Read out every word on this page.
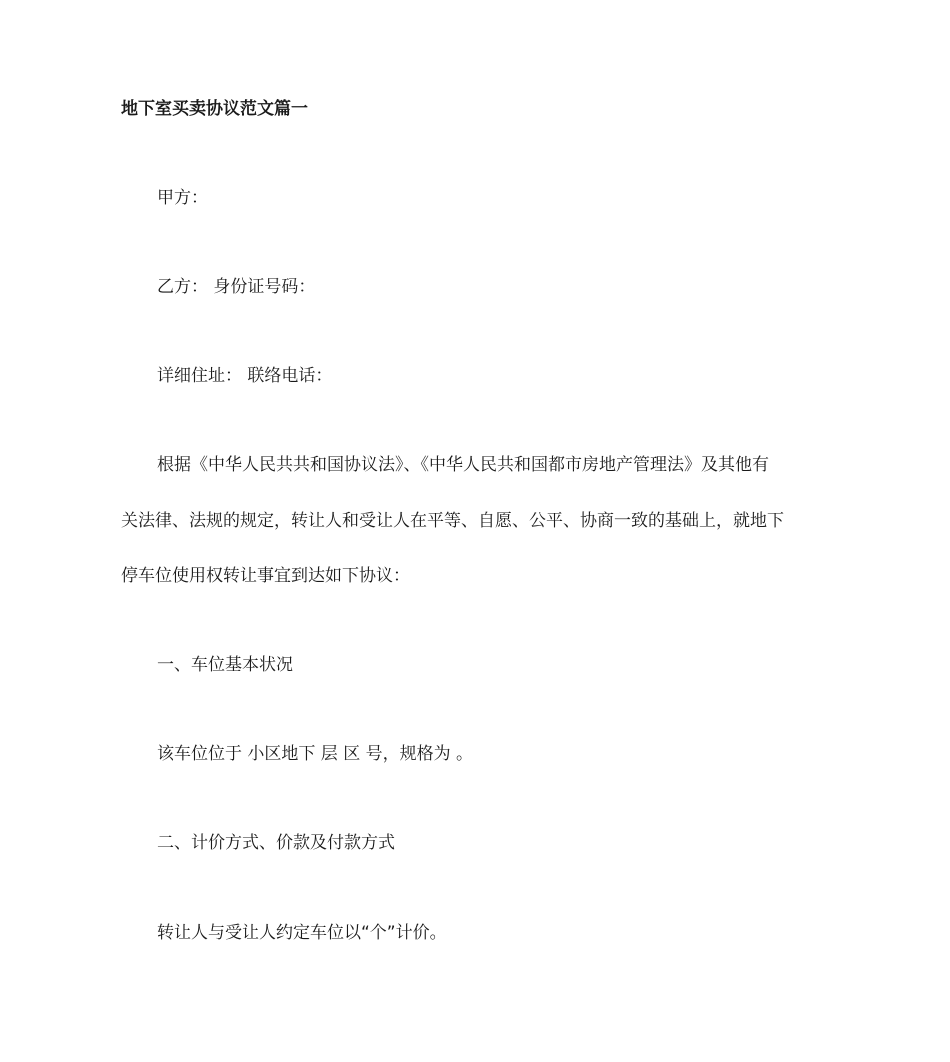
地下室买卖协议范文篇一

甲方：

乙方： 身份证号码：

详细住址： 联络电话：

根据《中华人民共共和国协议法》、《中华人民共和国都市房地产管理法》及其他有
关法律、法规的规定，转让人和受让人在平等、自愿、公平、协商一致的基础上，就地下
停车位使用权转让事宜到达如下协议：

一、车位基本状况

该车位位于 小区地下 层 区 号，规格为 。

二、计价方式、价款及付款方式

转让人与受让人约定车位以“个”计价。
